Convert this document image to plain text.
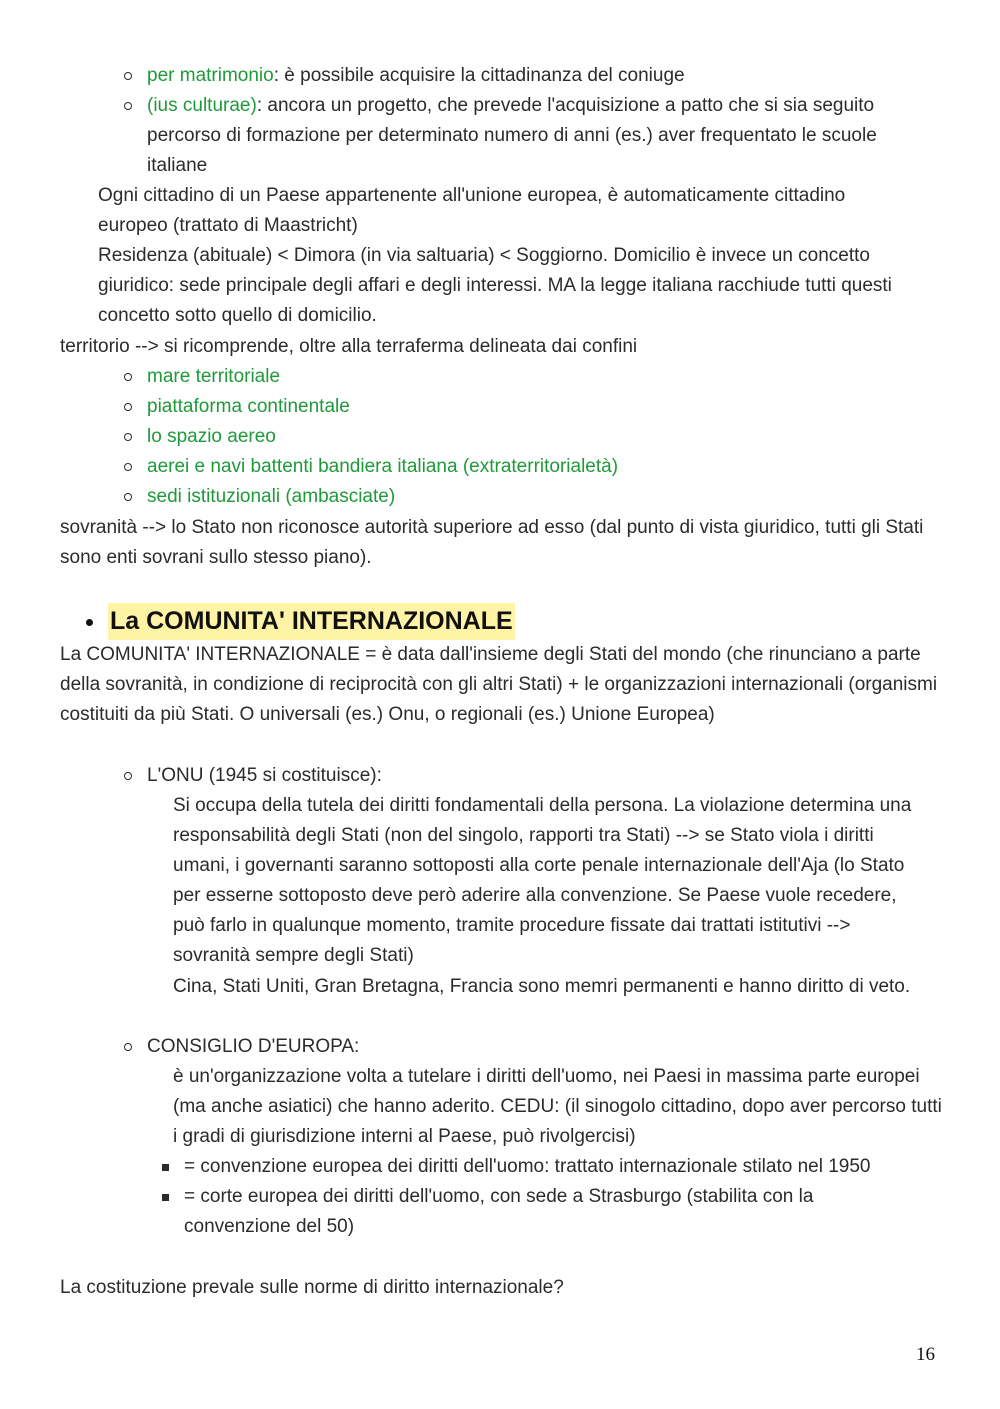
per matrimonio: è possibile acquisire la cittadinanza del coniuge

(ius culturae): ancora un progetto, che prevede l'acquisizione a patto che si sia seguito percorso di formazione per determinato numero di anni (es.) aver frequentato le scuole italiane

Ogni cittadino di un Paese appartenente all'unione europea, è automaticamente cittadino europeo (trattato di Maastricht)

Residenza (abituale) < Dimora (in via saltuaria) < Soggiorno. Domicilio è invece un concetto giuridico: sede principale degli affari e degli interessi. MA la legge italiana racchiude tutti questi concetto sotto quello di domicilio.

territorio --> si ricomprende, oltre alla terraferma delineata dai confini

mare territoriale

piattaforma continentale

lo spazio aereo

aerei e navi battenti bandiera italiana (extraterritorialetà)

sedi istituzionali (ambasciate)

sovranità --> lo Stato non riconosce autorità superiore ad esso (dal punto di vista giuridico, tutti gli Stati sono enti sovrani sullo stesso piano).

La COMUNITA' INTERNAZIONALE

La COMUNITA' INTERNAZIONALE = è data dall'insieme degli Stati del mondo (che rinunciano a parte della sovranità, in condizione di reciprocità con gli altri Stati) + le organizzazioni internazionali (organismi costituiti da più Stati. O universali (es.) Onu, o regionali (es.) Unione Europea)

L'ONU (1945 si costituisce):

Si occupa della tutela dei diritti fondamentali della persona. La violazione determina una responsabilità degli Stati (non del singolo, rapporti tra Stati) --> se Stato viola i diritti umani, i governanti saranno sottoposti alla corte penale internazionale dell'Aja (lo Stato per esserne sottoposto deve però aderire alla convenzione. Se Paese vuole recedere, può farlo in qualunque momento, tramite procedure fissate dai trattati istitutivi --> sovranità sempre degli Stati)

Cina, Stati Uniti, Gran Bretagna, Francia sono memri permanenti e hanno diritto di veto.

CONSIGLIO D'EUROPA:

è un'organizzazione volta a tutelare i diritti dell'uomo, nei Paesi in massima parte europei (ma anche asiatici) che hanno aderito. CEDU: (il sinogolo cittadino, dopo aver percorso tutti i gradi di giurisdizione interni al Paese, può rivolgercisi)

= convenzione europea dei diritti dell'uomo: trattato internazionale stilato nel 1950

= corte europea dei diritti dell'uomo, con sede a Strasburgo (stabilita con la convenzione del 50)

La costituzione prevale sulle norme di diritto internazionale?

16
